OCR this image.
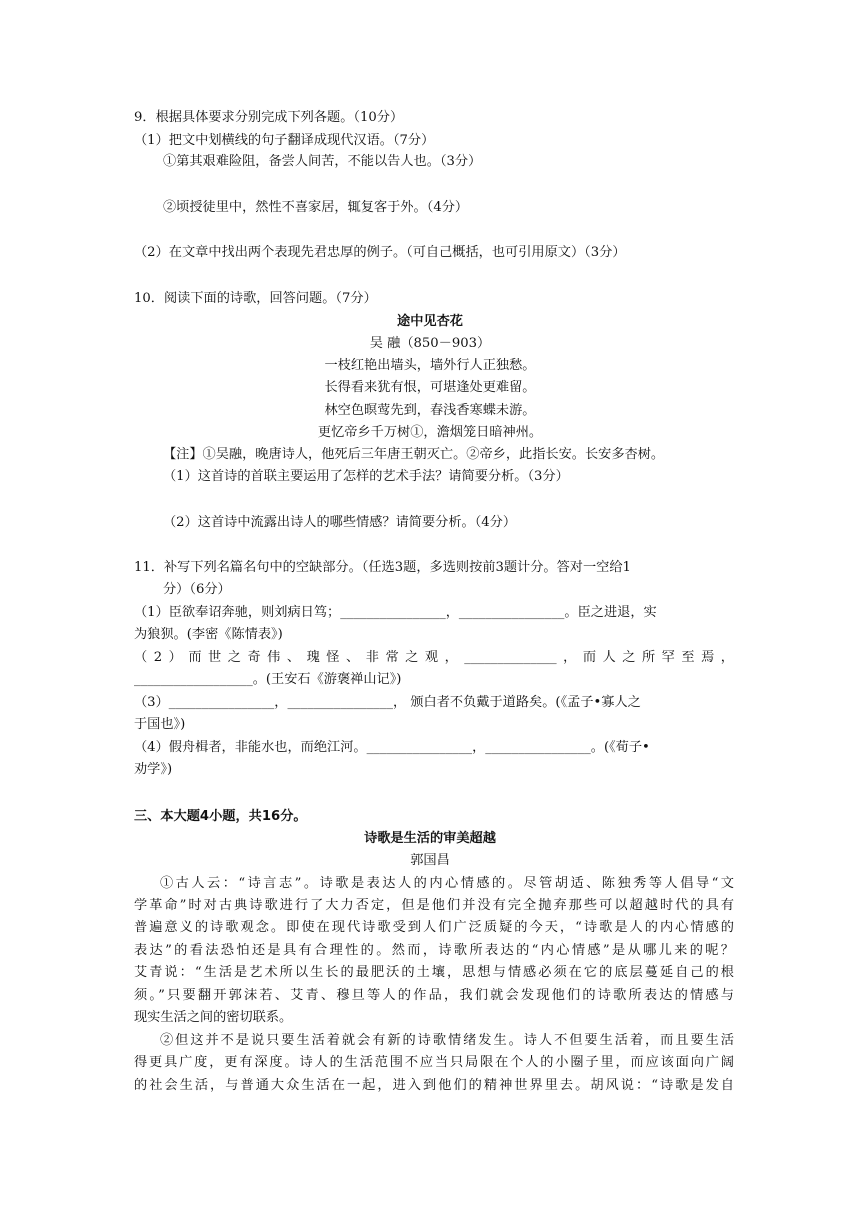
9．根据具体要求分别完成下列各题。（10分）
（1）把文中划横线的句子翻译成现代汉语。（7分）
①第其艰难险阻，备尝人间苦，不能以告人也。（3分）
②顷授徒里中，然性不喜家居，辄复客于外。（4分）
（2）在文章中找出两个表现先君忠厚的例子。（可自己概括，也可引用原文）（3分）
10．阅读下面的诗歌，回答问题。（7分）
途中见杏花
吴 融（850－903）
一枝红艳出墙头，墙外行人正独愁。
长得看来犹有恨，可堪逢处更难留。
林空色暝莺先到，春浅香寒蝶未游。
更忆帝乡千万树①，澹烟笼日暗神州。
【注】①吴融，晚唐诗人，他死后三年唐王朝灭亡。②帝乡，此指长安。长安多杏树。
（1）这首诗的首联主要运用了怎样的艺术手法？请简要分析。（3分）
（2）这首诗中流露出诗人的哪些情感？请简要分析。（4分）
11．补写下列名篇名句中的空缺部分。（任选3题，多选则按前3题计分。答对一空给1
分）（6分）
（1）臣欲奉诏奔驰，则刘病日笃；________________，________________。臣之进退，实
为狼狈。(李密《陈情表》)
（2）而世之奇伟、瑰怪、非常之观，______________，而人之所罕至焉，
__________________。(王安石《游褒禅山记》)
（3）________________，________________， 颁白者不负戴于道路矣。(《孟子•寡人之
于国也》)
（4）假舟楫者，非能水也，而绝江河。________________，________________。(《荀子•
劝学》)
三、本大题4小题，共16分。
诗歌是生活的审美超越
郭国昌
①古人云：“诗言志”。诗歌是表达人的内心情感的。尽管胡适、陈独秀等人倡导“文
学革命”时对古典诗歌进行了大力否定，但是他们并没有完全抛弃那些可以超越时代的具有
普遍意义的诗歌观念。即使在现代诗歌受到人们广泛质疑的今天，“诗歌是人的内心情感的
表达”的看法恐怕还是具有合理性的。然而，诗歌所表达的“内心情感”是从哪儿来的呢？
艾青说：“生活是艺术所以生长的最肥沃的土壤，思想与情感必须在它的底层蔓延自己的根
须。”只要翻开郭沫若、艾青、穆旦等人的作品，我们就会发现他们的诗歌所表达的情感与
现实生活之间的密切联系。
②但这并不是说只要生活着就会有新的诗歌情绪发生。诗人不但要生活着，而且要生活
得更具广度，更有深度。诗人的生活范围不应当只局限在个人的小圈子里，而应该面向广阔
的社会生活，与普通大众生活在一起，进入到他们的精神世界里去。胡风说：“诗歌是发自
